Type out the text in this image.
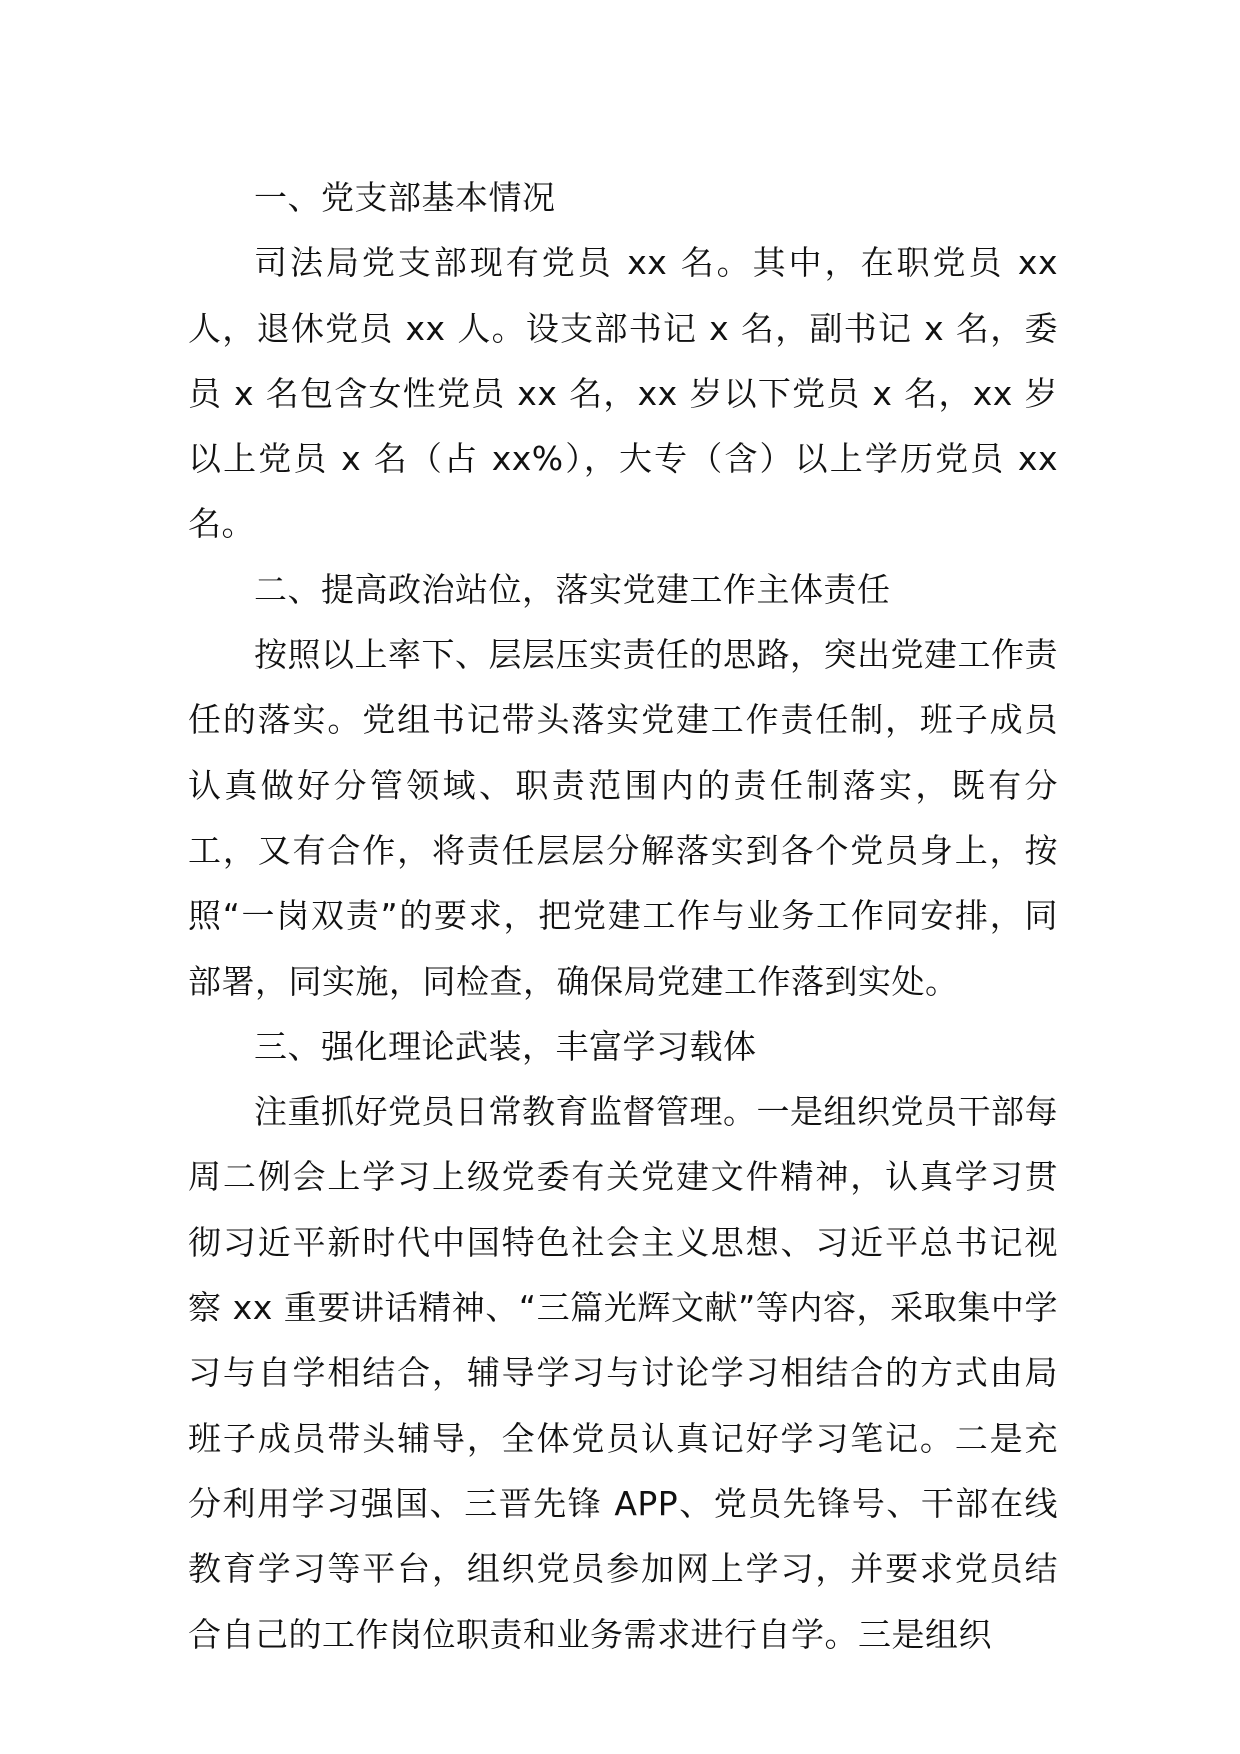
一、党支部基本情况

司法局党支部现有党员 xx 名。其中，在职党员 xx 人，退休党员 xx 人。设支部书记 x 名，副书记 x 名，委员 x 名包含女性党员 xx 名，xx 岁以下党员 x 名，xx 岁以上党员 x 名（占 xx%），大专（含）以上学历党员 xx 名。

二、提高政治站位，落实党建工作主体责任

按照以上率下、层层压实责任的思路，突出党建工作责任的落实。党组书记带头落实党建工作责任制，班子成员认真做好分管领域、职责范围内的责任制落实，既有分工，又有合作，将责任层层分解落实到各个党员身上，按照“一岗双责”的要求，把党建工作与业务工作同安排，同部署，同实施，同检查，确保局党建工作落到实处。

三、强化理论武装，丰富学习载体

注重抓好党员日常教育监督管理。一是组织党员干部每周二例会上学习上级党委有关党建文件精神，认真学习贯彻习近平新时代中国特色社会主义思想、习近平总书记视察 xx 重要讲话精神、“三篇光辉文献”等内容，采取集中学习与自学相结合，辅导学习与讨论学习相结合的方式由局班子成员带头辅导，全体党员认真记好学习笔记。二是充分利用学习强国、三晋先锋 APP、党员先锋号、干部在线教育学习等平台，组织党员参加网上学习，并要求党员结合自己的工作岗位职责和业务需求进行自学。三是组织
